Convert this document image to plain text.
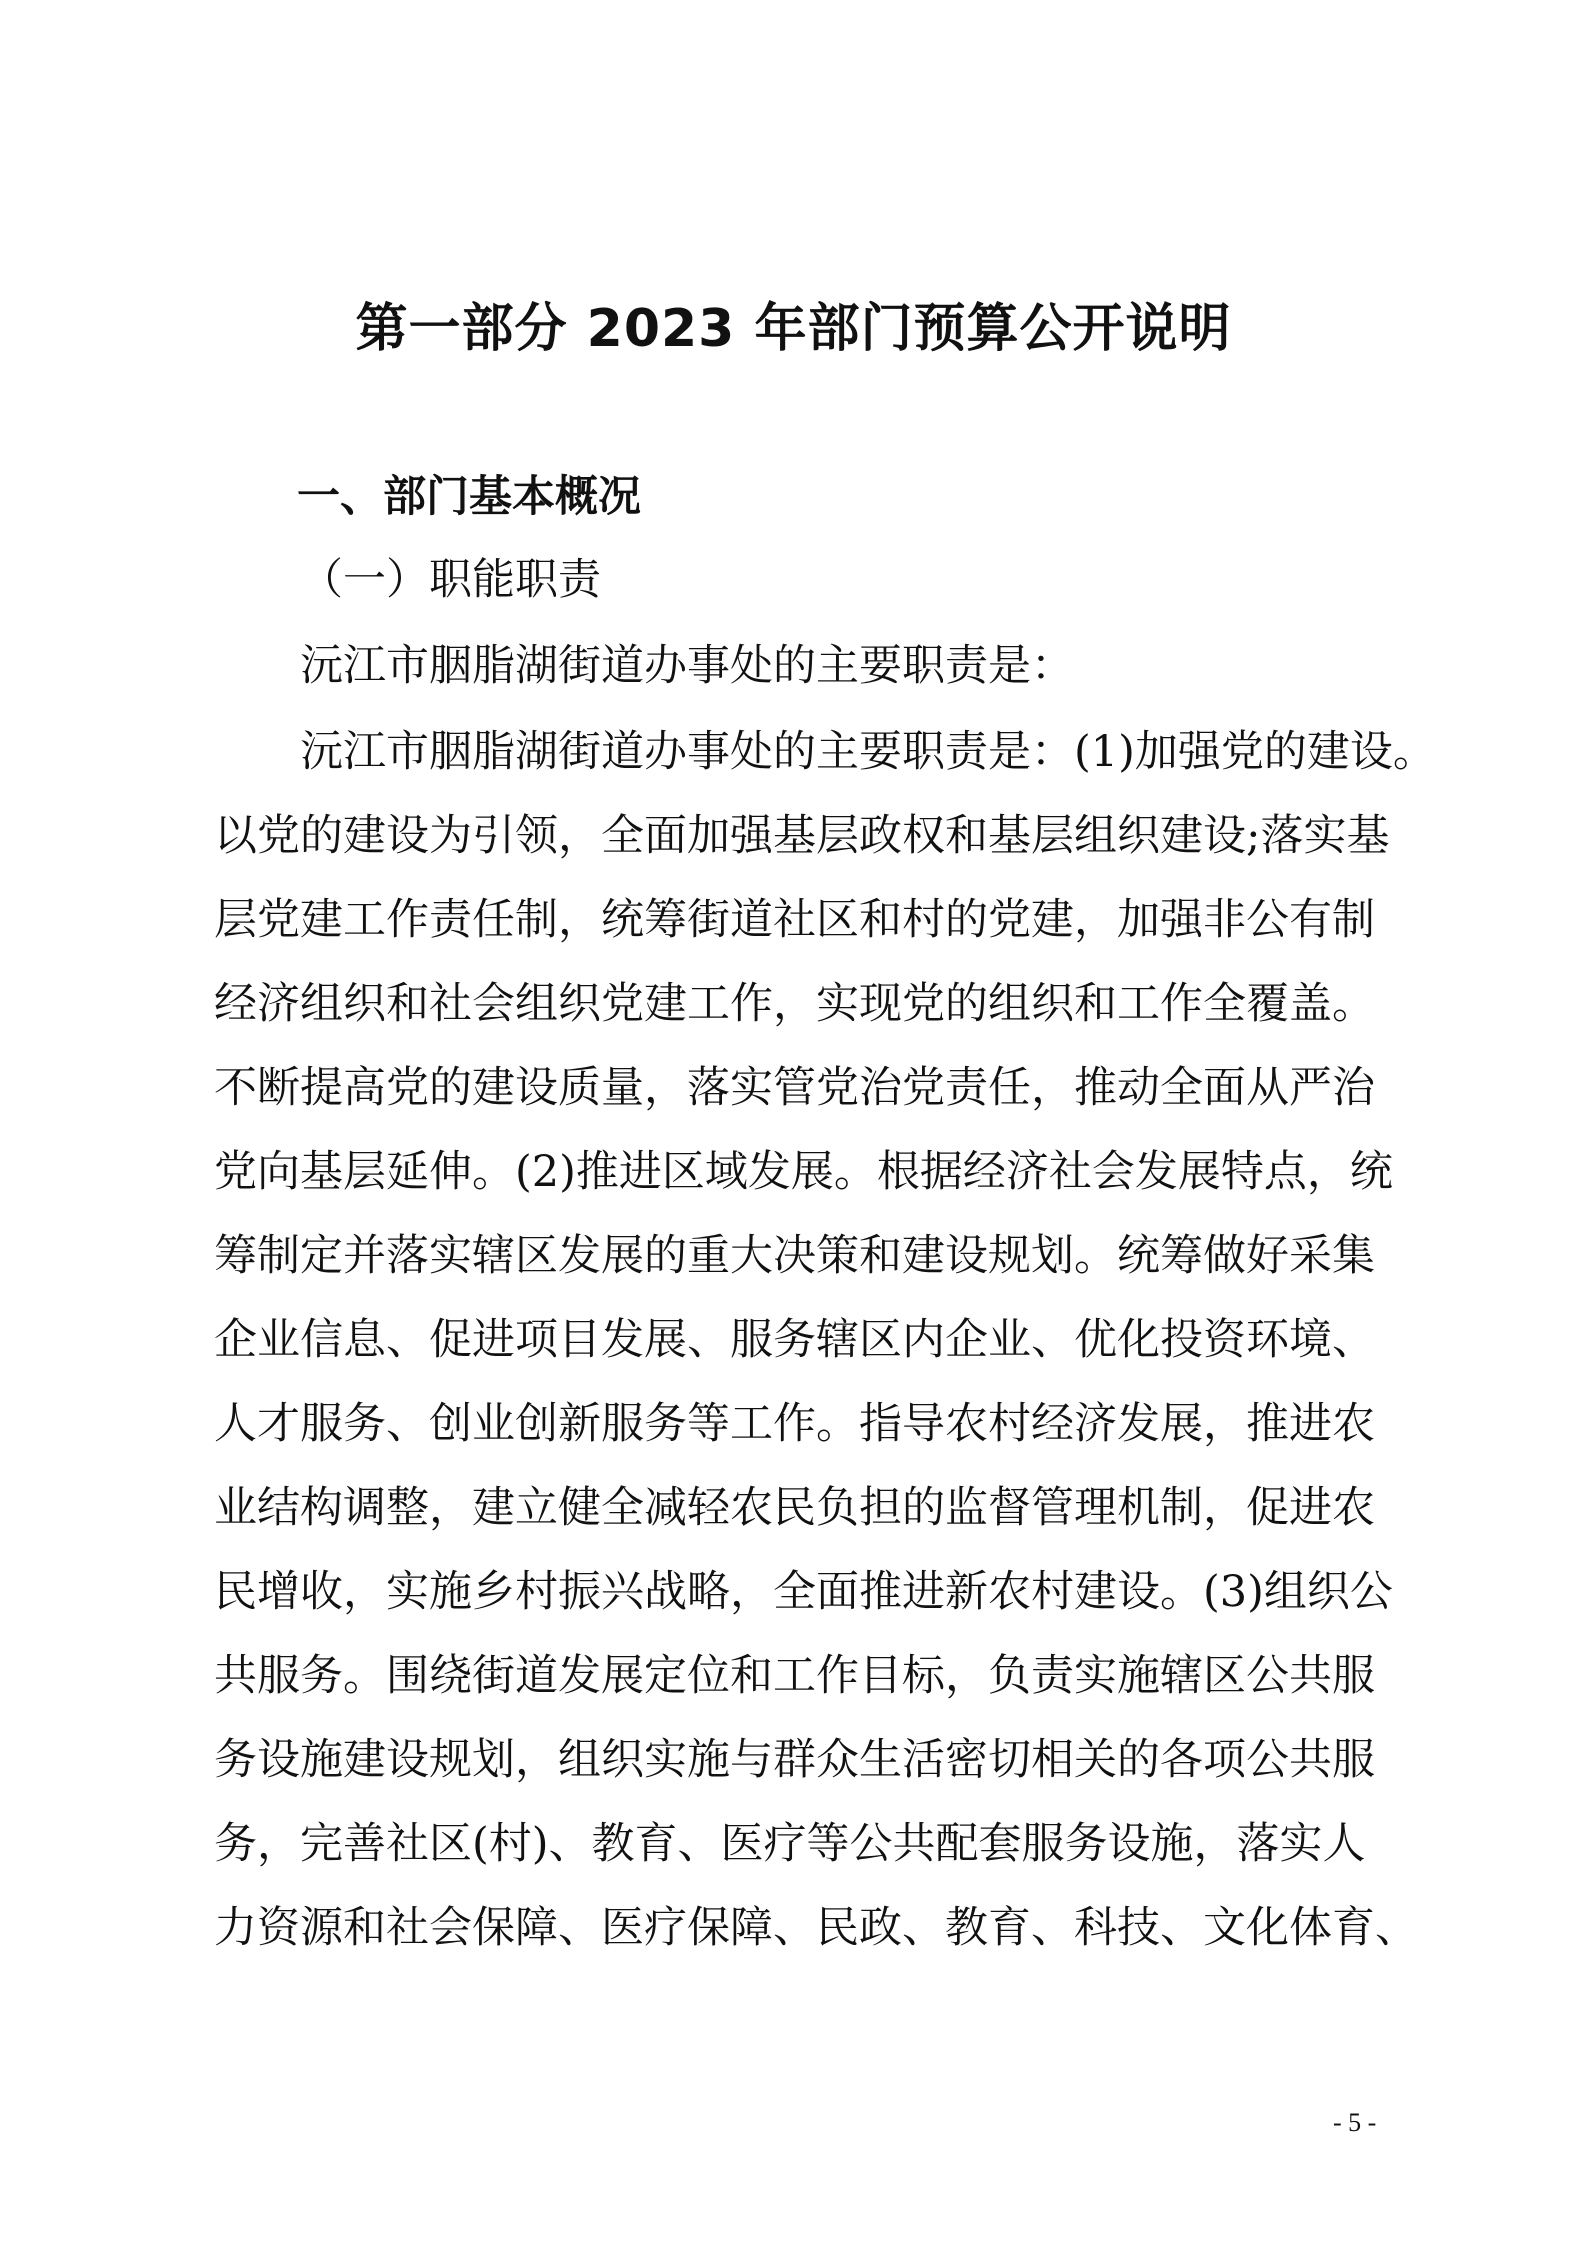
第一部分 2023 年部门预算公开说明
一、部门基本概况
（一）职能职责
沅江市胭脂湖街道办事处的主要职责是：
沅江市胭脂湖街道办事处的主要职责是：(1)加强党的建设。
以党的建设为引领，全面加强基层政权和基层组织建设;落实基
层党建工作责任制，统筹街道社区和村的党建，加强非公有制
经济组织和社会组织党建工作，实现党的组织和工作全覆盖。
不断提高党的建设质量，落实管党治党责任，推动全面从严治
党向基层延伸。(2)推进区域发展。根据经济社会发展特点，统
筹制定并落实辖区发展的重大决策和建设规划。统筹做好采集
企业信息、促进项目发展、服务辖区内企业、优化投资环境、
人才服务、创业创新服务等工作。指导农村经济发展，推进农
业结构调整，建立健全减轻农民负担的监督管理机制，促进农
民增收，实施乡村振兴战略，全面推进新农村建设。(3)组织公
共服务。围绕街道发展定位和工作目标，负责实施辖区公共服
务设施建设规划，组织实施与群众生活密切相关的各项公共服
务，完善社区(村)、教育、医疗等公共配套服务设施，落实人
力资源和社会保障、医疗保障、民政、教育、科技、文化体育、
- 5 -
